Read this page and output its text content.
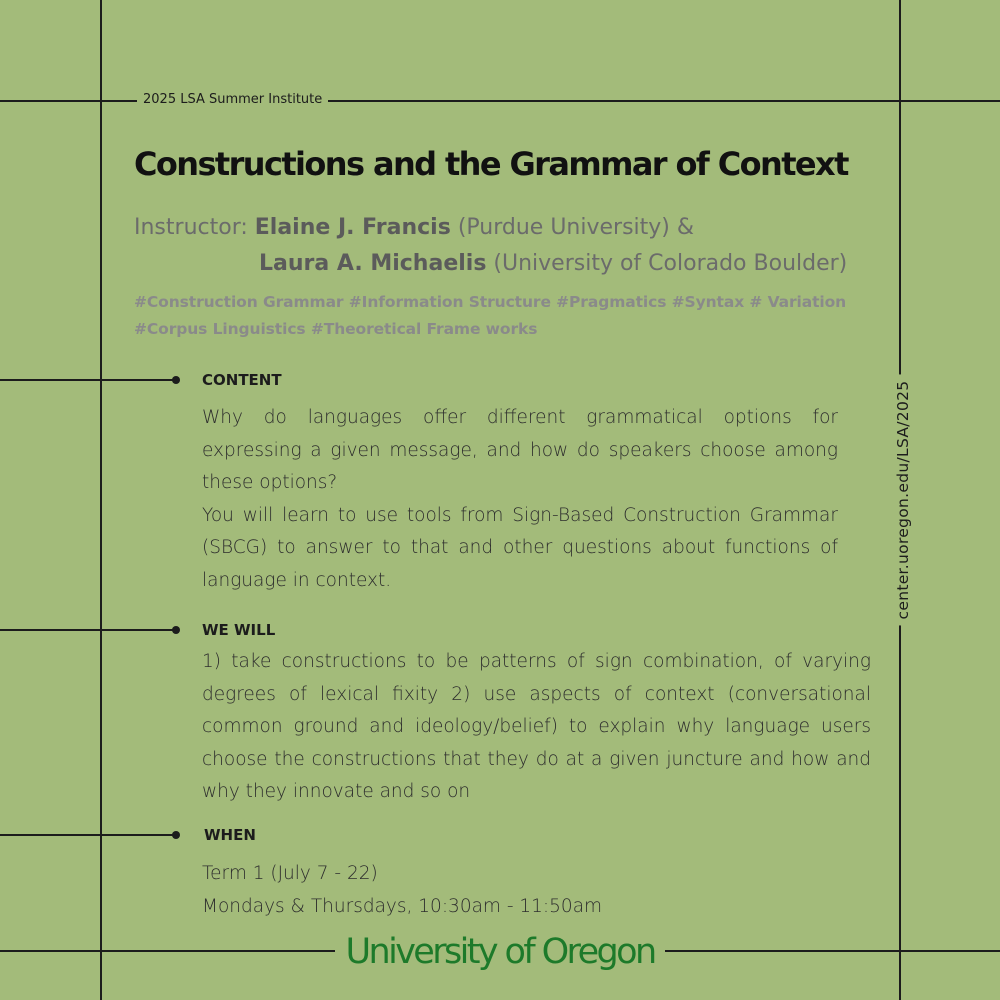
2025 LSA Summer Institute
Constructions and the Grammar of Context
Instructor: Elaine J. Francis (Purdue University) &
Laura A. Michaelis (University of Colorado Boulder)
#Construction Grammar #Information Structure #Pragmatics #Syntax # Variation
#Corpus Linguistics #Theoretical Frame works
CONTENT

Why do languages offer different grammatical options for expressing a given message, and how do speakers choose among these options?

You will learn to use tools from Sign-Based Construction Grammar (SBCG) to answer to that and other questions about functions of language in context.

WE WILL

1) take constructions to be patterns of sign combination, of varying degrees of lexical fixity 2) use aspects of context (conversational common ground and ideology/belief) to explain why language users choose the constructions that they do at a given juncture and how and why they innovate and so on

WHEN
Term 1 (July 7 - 22)
Mondays & Thursdays, 10:30am - 11:50am
center.uoregon.edu/LSA/2025
University of Oregon
